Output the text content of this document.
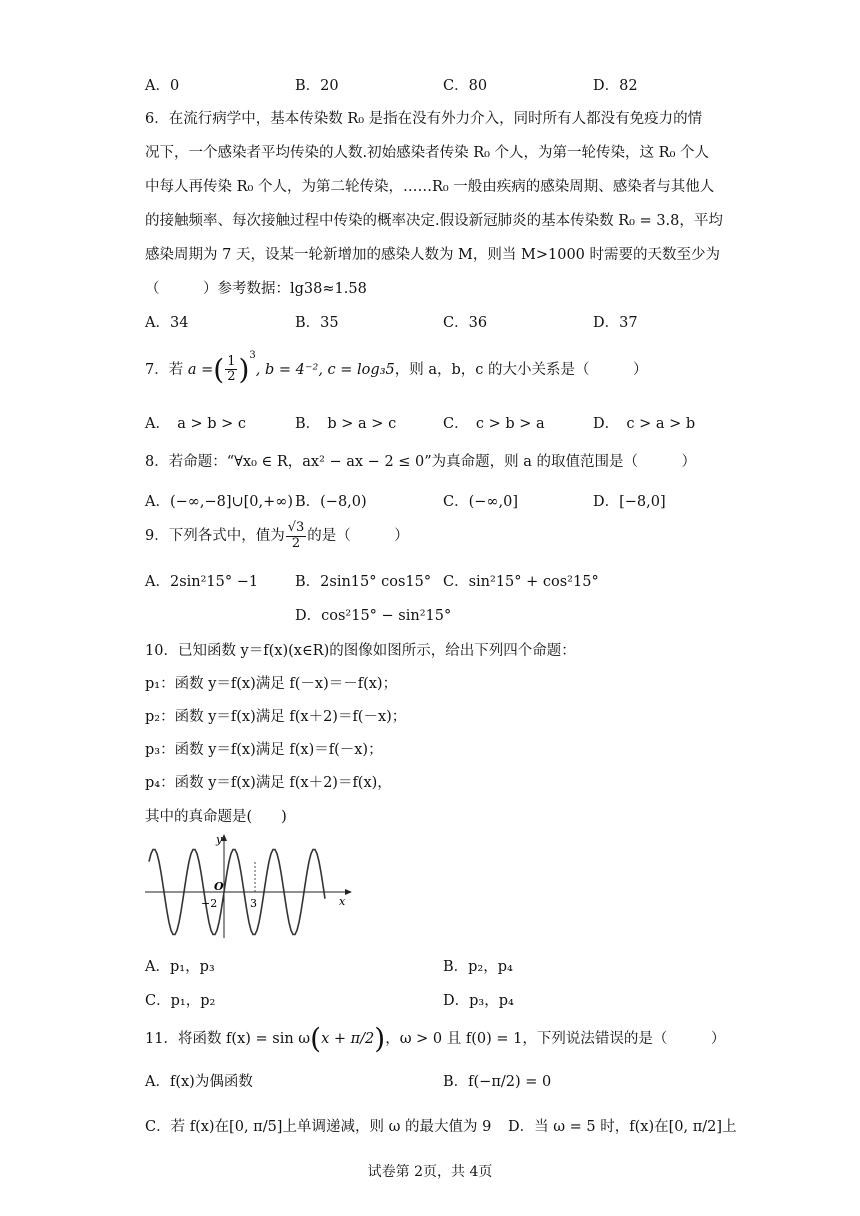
A．0	B．20	C．80	D．82
6．在流行病学中，基本传染数 R₀ 是指在没有外力介入，同时所有人都没有免疫力的情
况下，一个感染者平均传染的人数.初始感染者传染 R₀ 个人，为第一轮传染，这 R₀ 个人
中每人再传染 R₀ 个人，为第二轮传染，……R₀ 一般由疾病的感染周期、感染者与其他人
的接触频率、每次接触过程中传染的概率决定.假设新冠肺炎的基本传染数 R₀ = 3.8，平均
感染周期为 7 天，设某一轮新增加的感染人数为 M，则当 M>1000 时需要的天数至少为
（　　　）参考数据：lg38≈1.58
A．34	B．35	C．36	D．37
7．若 a =( $\frac{1}{2} )^3$, b = 4⁻², c = log₃5，则 a，b，c 的大小关系是（　　　）
A．　a > b > c	B．　b > a > c	C．　c > b > a	D．　c > a > b
8．若命题：“∀x₀ ∈ R，ax² − ax − 2 ≤ 0”为真命题，则 a 的取值范围是（　　　）
A．(−∞,−8]∪[0,+∞) B．(−8,0)	C．(−∞,0]	D．[−8,0]
9．下列各式中，值为 $\frac{√3}{2}$ 的是（　　　）
A．2sin²15° −1	B．2sin15° cos15° C．sin²15° + cos²15°
D．cos²15° − sin²15°
10．已知函数 y＝f(x)(x∈R)的图像如图所示，给出下列四个命题：
p₁：函数 y＝f(x)满足 f(－x)＝－f(x)；
p₂：函数 y＝f(x)满足 f(x＋2)＝f(－x)；
p₃：函数 y＝f(x)满足 f(x)＝f(－x)；
p₄：函数 y＝f(x)满足 f(x＋2)＝f(x)，
其中的真命题是(　　)
y
x
O
−2	3
A．p₁，p₃	B．p₂，p₄
C．p₁，p₂	D．p₃，p₄
11．将函数 f(x) = sin ω(x + π/2)，ω > 0 且 f(0) = 1，下列说法错误的是（　　　）
A．f(x)为偶函数	B．f(−π/2) = 0
C．若 f(x)在[0, π/5]上单调递减，则 ω 的最大值为 9 D．当 ω = 5 时，f(x)在[0, π/2]上
试卷第 2页，共 4页
